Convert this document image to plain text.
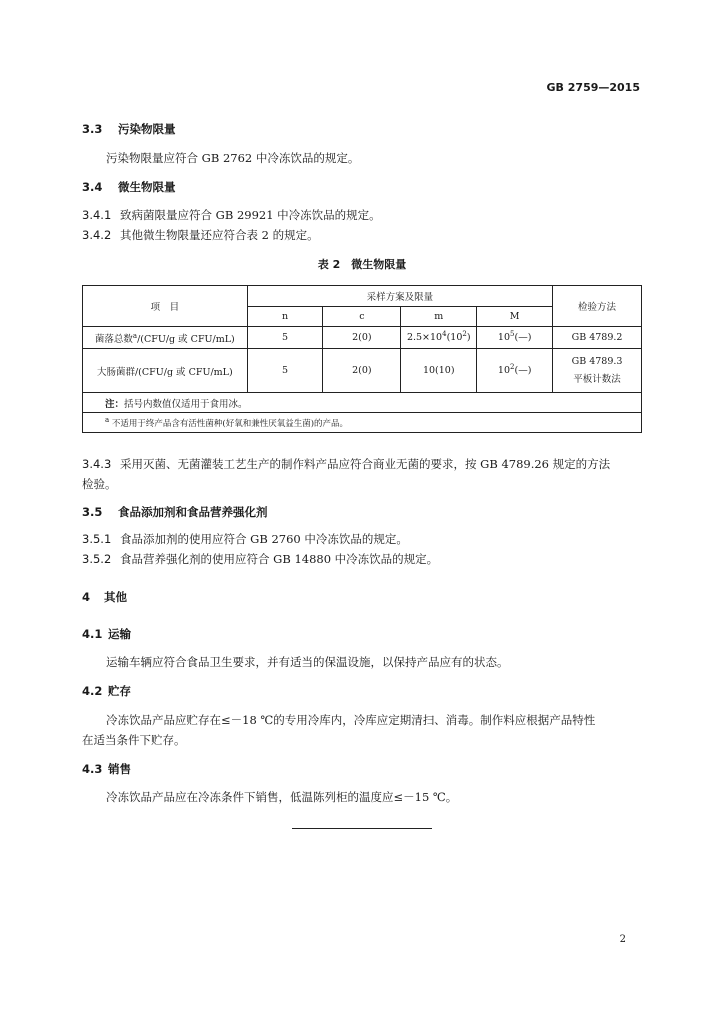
GB 2759—2015
3.3 污染物限量
污染物限量应符合 GB 2762 中冷冻饮品的规定。
3.4 微生物限量
3.4.1 致病菌限量应符合 GB 29921 中冷冻饮品的规定。
3.4.2 其他微生物限量还应符合表 2 的规定。
表 2　微生物限量
项　目	采样方案及限量				检验方法
	n	c	m	M	
菌落总数$^a$/(CFU/g 或 CFU/mL)	5	2(0)	$2.5\times 10^4(10^2)$	$10^5(—)$	GB 4789.2
大肠菌群/(CFU/g 或 CFU/mL)	5	2(0)	10(10)	$10^2(—)$	GB 4789.3
平板计数法

注：括号内数值仅适用于食用冰。					
$^a$ 不适用于终产品含有活性菌种(好氧和兼性厌氧益生菌)的产品。					
3.4.3 采用灭菌、无菌灌装工艺生产的制作料产品应符合商业无菌的要求，按 GB 4789.26 规定的方法
检验。
3.5 食品添加剂和食品营养强化剂
3.5.1 食品添加剂的使用应符合 GB 2760 中冷冻饮品的规定。
3.5.2 食品营养强化剂的使用应符合 GB 14880 中冷冻饮品的规定。
4 其他
4.1 运输
运输车辆应符合食品卫生要求，并有适当的保温设施，以保持产品应有的状态。
4.2 贮存
冷冻饮品产品应贮存在≤－18 ℃的专用冷库内，冷库应定期清扫、消毒。制作料应根据产品特性
在适当条件下贮存。
4.3 销售
冷冻饮品产品应在冷冻条件下销售，低温陈列柜的温度应≤－15 ℃。
2
